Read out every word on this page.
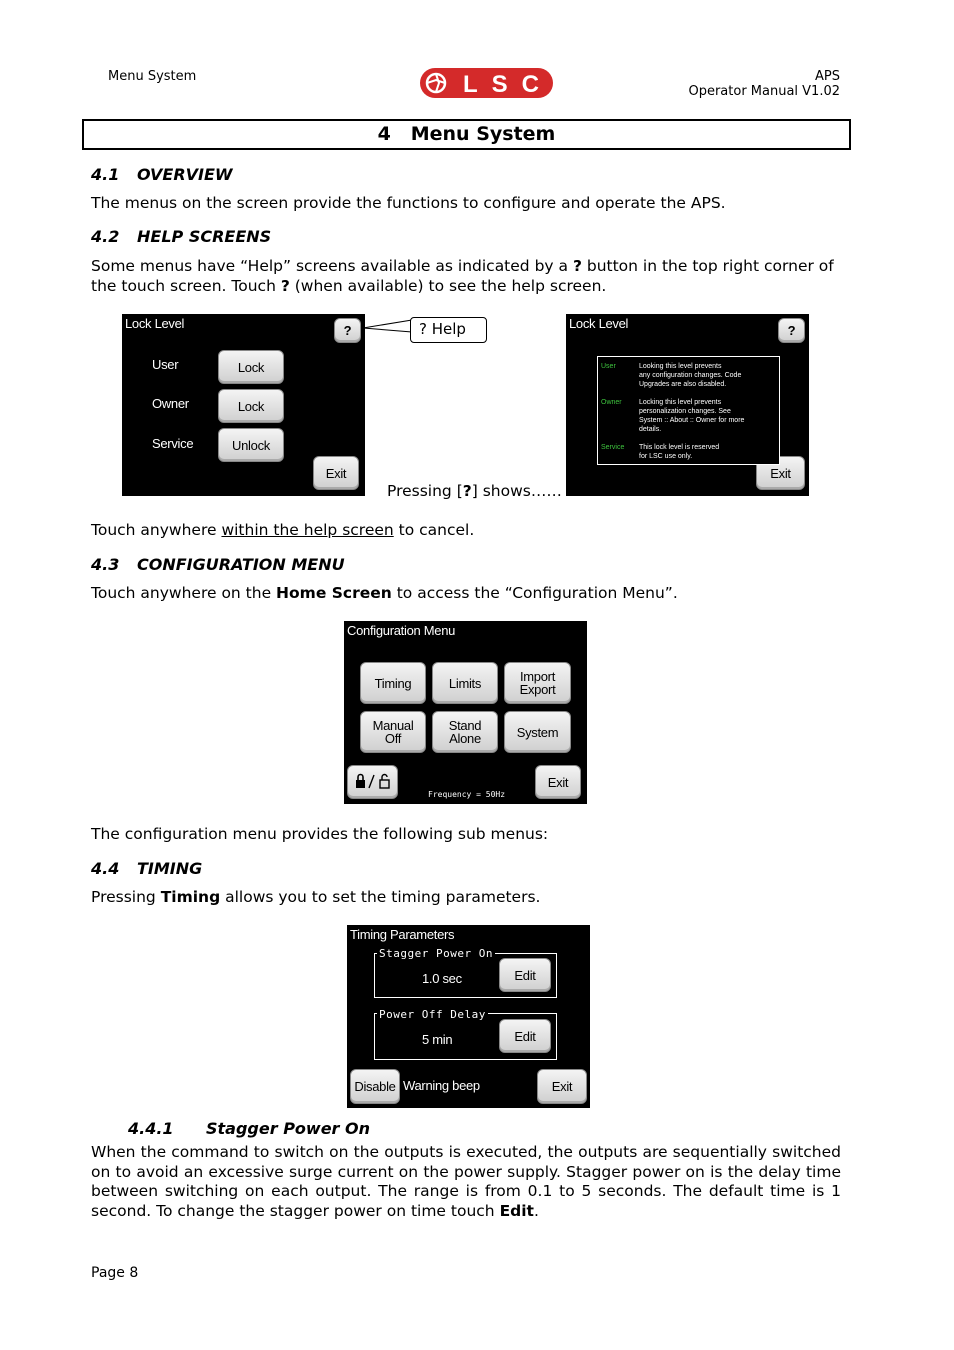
Menu System	LSC	APS
Operator Manual V1.02
4 Menu System
4.1 OVERVIEW
The menus on the screen provide the functions to configure and operate the APS.
4.2 HELP SCREENS
Some menus have “Help” screens available as indicated by a ? button in the top right corner of the touch screen. Touch ? (when available) to see the help screen.
Lock Level	?
User	Lock
Owner	Lock
Service	Unlock
Exit
? Help
Pressing [?] shows……
Lock Level	?
Exit
User	Looking this level prevents
any configuration changes. Code
Upgrades are also disabled.
Owner Locking this level prevents
personalization changes. See
System :: About :: Owner for more
details.
Service This lock level is reserved
for LSC use only.
Touch anywhere within the help screen to cancel.
4.3 CONFIGURATION MENU
Touch anywhere on the Home Screen to access the “Configuration Menu”.
Configuration Menu
Timing	Limits	Import
Export
Manual
Off
Stand
Alone	System
Exit
Frequency = 50Hz
The configuration menu provides the following sub menus:
4.4 TIMING
Pressing Timing allows you to set the timing parameters.
Timing Parameters
Stagger Power On
1.0 sec	Edit
Power Off Delay
5 min	Edit
Disable Warning beep	Exit
4.4.1 Stagger Power On
When the command to switch on the outputs is executed, the outputs are sequentially switched on to avoid an excessive surge current on the power supply. Stagger power on is the delay time between switching on each output. The range is from 0.1 to 5 seconds. The default time is 1 second. To change the stagger power on time touch Edit.
Page 8
